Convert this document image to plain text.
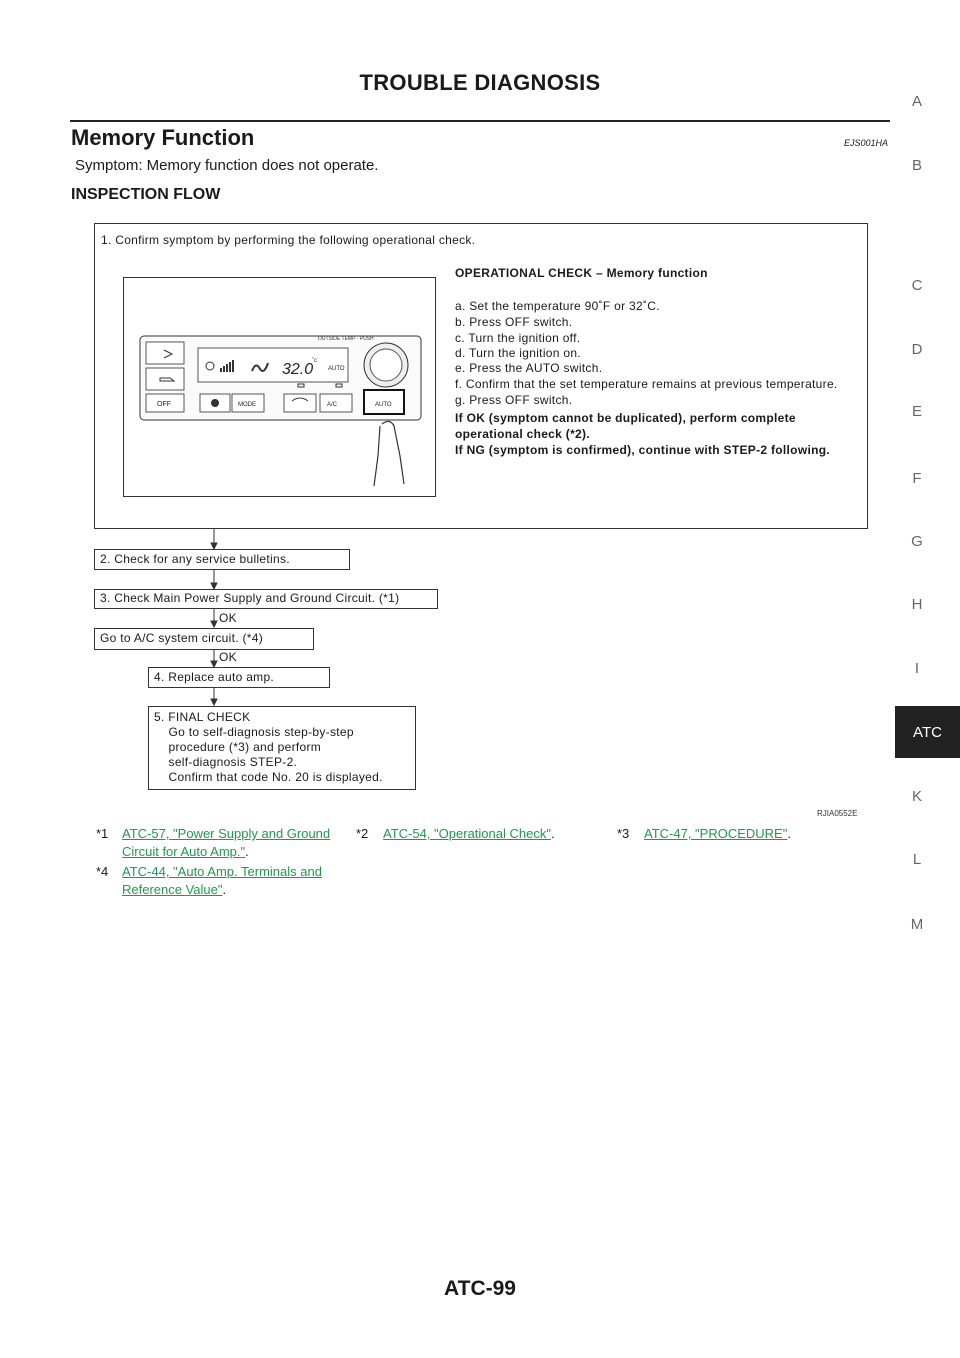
TROUBLE DIAGNOSIS
Memory Function	EJS001HA
Symptom: Memory function does not operate.
INSPECTION FLOW
A
B
C
D
E
F
G
H
I
ATC
K
L
M
1. Confirm symptom by performing the following operational check.
OUTSIDE TEMP · PUSH
32.0
˚c
AUTO
OFF	MODE	A/C	AUTO
OPERATIONAL CHECK – Memory function
a. Set the temperature 90˚F or 32˚C.
b. Press OFF switch.
c. Turn the ignition off.
d. Turn the ignition on.
e. Press the AUTO switch.
f. Confirm that the set temperature remains at previous temperature.
g. Press OFF switch.
If OK (symptom cannot be duplicated), perform complete
operational check (*2).
If NG (symptom is confirmed), continue with STEP-2 following.
2. Check for any service bulletins.
3. Check Main Power Supply and Ground Circuit. (*1)
OK
Go to A/C system circuit. (*4)
OK
4. Replace auto amp.
5. FINAL CHECK
Go to self-diagnosis step-by-step
procedure (*3) and perform
self-diagnosis STEP-2.
Confirm that code No. 20 is displayed.
RJIA0552E
*1 ATC-57, "Power Supply and Ground
Circuit for Auto Amp.".
*2 ATC-54, "Operational Check".	*3 ATC-47, "PROCEDURE".
*4 ATC-44, "Auto Amp. Terminals and
Reference Value".
ATC-99
